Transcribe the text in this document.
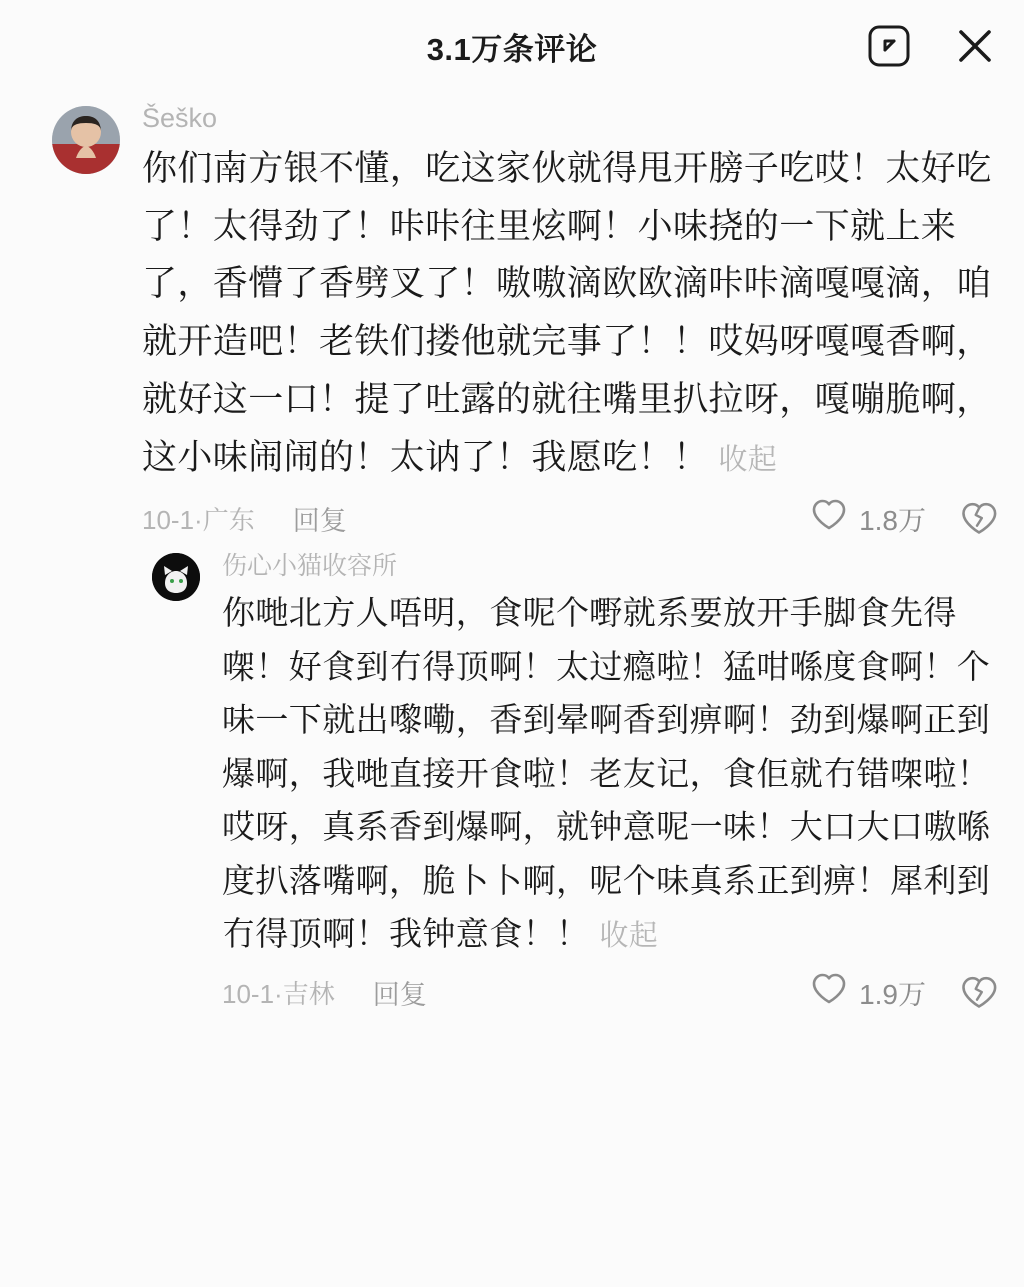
3.1万条评论
Šeško
你们南方银不懂，吃这家伙就得甩开膀子吃哎！太好吃了！太得劲了！咔咔往里炫啊！小味挠的一下就上来了，香懵了香劈叉了！嗷嗷滴欧欧滴咔咔滴嘎嘎滴，咱就开造吧！老铁们搂他就完事了！！哎妈呀嘎嘎香啊，就好这一口！提了吐露的就往嘴里扒拉呀，嘎嘣脆啊，这小味闹闹的！太讷了！我愿吃！！ 收起
10-1·广东 回复	1.8万
伤心小猫收容所
你哋北方人唔明，食呢个嘢就系要放开手脚食先得㗎！好食到冇得顶啊！太过瘾啦！猛咁喺度食啊！个味一下就出嚟嘞，香到晕啊香到痹啊！劲到爆啊正到爆啊，我哋直接开食啦！老友记，食佢就冇错㗎啦！哎呀，真系香到爆啊，就钟意呢一味！大口大口嗷喺度扒落嘴啊，脆卜卜啊，呢个味真系正到痹！犀利到冇得顶啊！我钟意食！！ 收起
10-1·吉林 回复	1.9万
